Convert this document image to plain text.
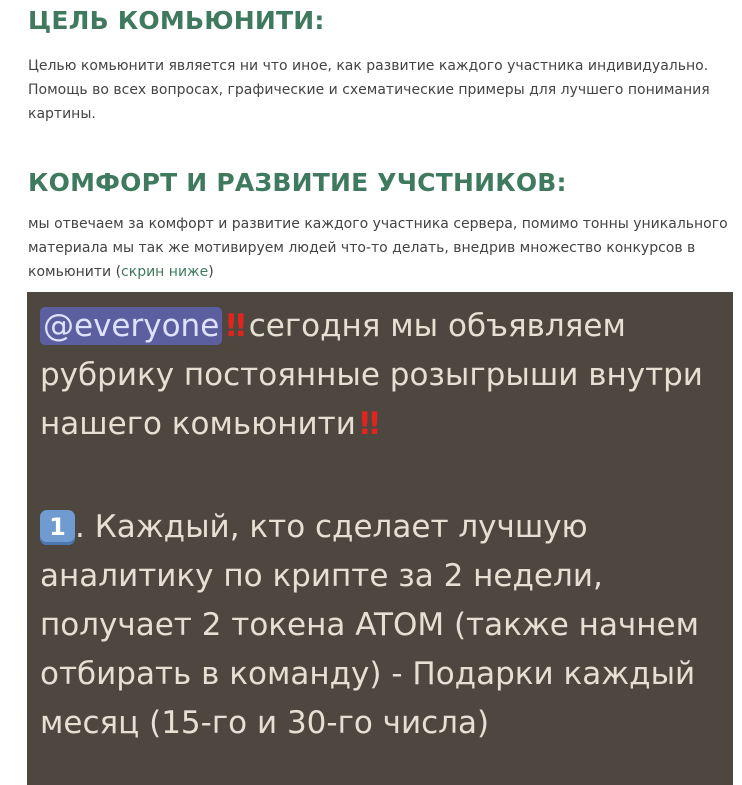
ЦЕЛЬ КОМЬЮНИТИ:
Целью комьюнити является ни что иное, как развитие каждого участника индивидуально.
Помощь во всех вопросах, графические и схематические примеры для лучшего понимания
картины.
КОМФОРТ И РАЗВИТИЕ УЧСТНИКОВ:
мы отвечаем за комфорт и развитие каждого участника сервера, помимо тонны уникального
материала мы так же мотивируем людей что-то делать, внедрив множество конкурсов в
комьюнити (скрин ниже)
@everyone ‼ сегодня мы объявляем
рубрику постоянные розыгрыши внутри
нашего комьюнити ‼
1 . Каждый, кто сделает лучшую
аналитику по крипте за 2 недели,
получает 2 токена ATOM (также начнем
отбирать в команду) - Подарки каждый
месяц (15-го и 30-го числа)
